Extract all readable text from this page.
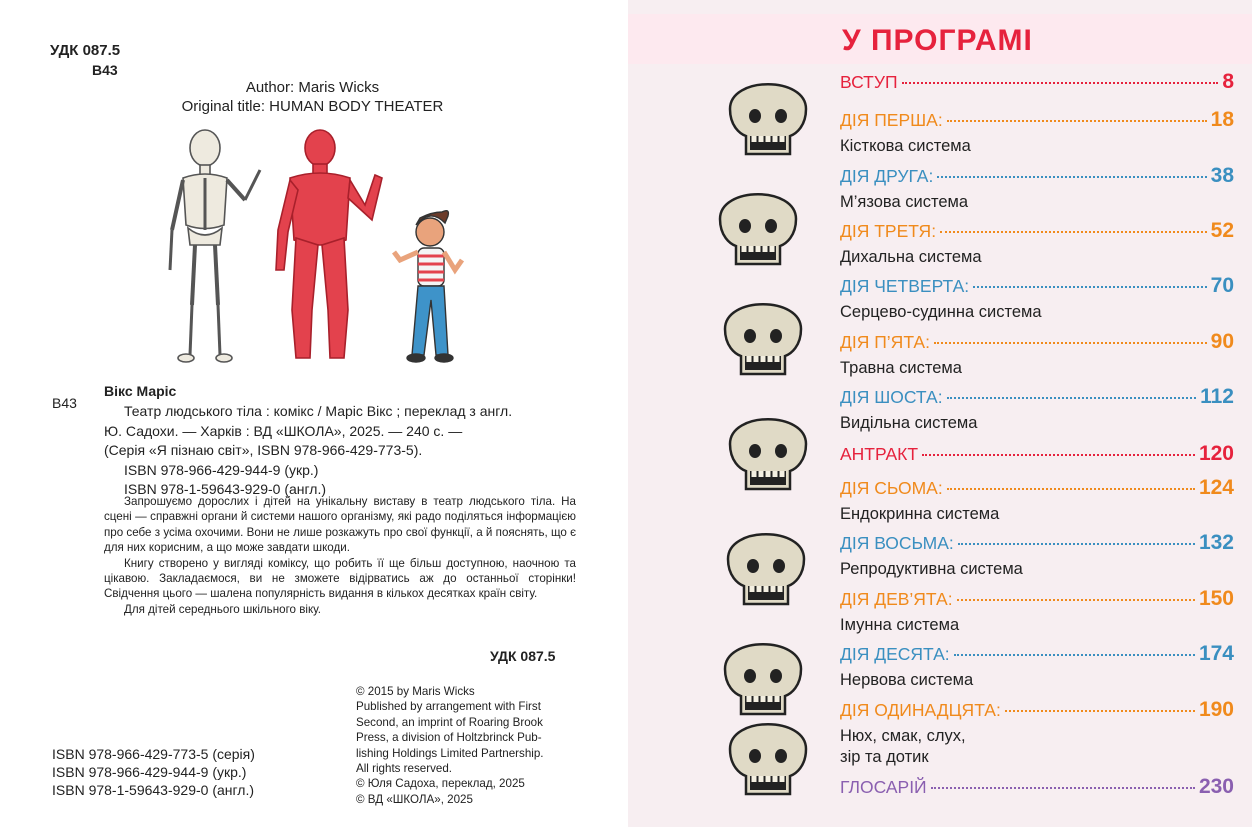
УДК 087.5
В43
Author: Maris Wicks
Original title: HUMAN BODY THEATER
В43
Вікс Маріс
Театр людського тіла : комікс / Маріс Вікс ; переклад з англ.
Ю. Садохи. — Харків : ВД «ШКОЛА», 2025. — 240 с. —
(Серія «Я пізнаю світ», ISBN 978-966-429-773-5).
ISBN 978-966-429-944-9 (укр.)
ISBN 978-1-59643-929-0 (англ.)

Запрошуємо дорослих і дітей на унікальну виставу в театр людського тіла. На сцені — справжні органи й системи нашого організму, які радо поділяться інформацією про себе з усіма охочими. Вони не лише розкажуть про свої функції, а й пояснять, що є для них корисним, а що може завдати шкоди.

Книгу створено у вигляді коміксу, що робить її ще більш доступною, наочною та цікавою. Закладаємося, ви не зможете відірватись аж до останньої сторінки! Свідчення цього — шалена популярність видання в кількох десятках країн світу.

Для дітей середнього шкільного віку.

УДК 087.5
© 2015 by Maris Wicks
Published by arrangement with First
Second, an imprint of Roaring Brook
Press, a division of Holtzbrinck Pub-
lishing Holdings Limited Partnership.
All rights reserved.
© Юля Садоха, переклад, 2025
© ВД «ШКОЛА», 2025
ISBN 978-966-429-773-5 (серія)
ISBN 978-966-429-944-9 (укр.)
ISBN 978-1-59643-929-0 (англ.)
У ПРОГРАМІ
ВСТУП	8
ДІЯ ПЕРША:	18
Кісткова система
ДІЯ ДРУГА:	38
М’язова система
ДІЯ ТРЕТЯ:	52
Дихальна система
ДІЯ ЧЕТВЕРТА:	70
Серцево-судинна система
ДІЯ П’ЯТА:	90
Травна система
ДІЯ ШОСТА:	112
Видільна система
АНТРАКТ	120
ДІЯ СЬОМА:	124
Ендокринна система
ДІЯ ВОСЬМА:	132
Репродуктивна система
ДІЯ ДЕВ’ЯТА:	150
Імунна система
ДІЯ ДЕСЯТА:	174
Нервова система
ДІЯ ОДИНАДЦЯТА:	190
Нюх, смак, слух,
зір та дотик
ГЛОСАРІЙ	230
